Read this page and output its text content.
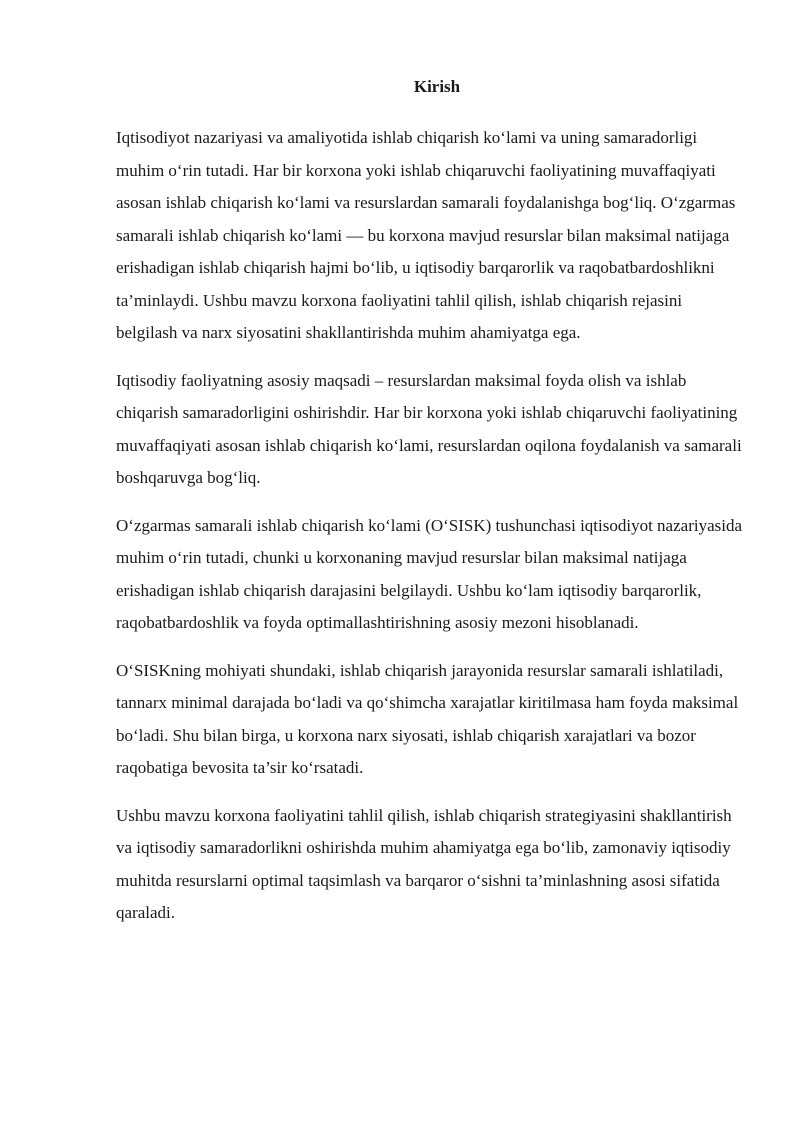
Kirish

Iqtisodiyot nazariyasi va amaliyotida ishlab chiqarish ko‘lami va uning samaradorligi muhim o‘rin tutadi. Har bir korxona yoki ishlab chiqaruvchi faoliyatining muvaffaqiyati asosan ishlab chiqarish ko‘lami va resurslardan samarali foydalanishga bog‘liq. O‘zgarmas samarali ishlab chiqarish ko‘lami — bu korxona mavjud resurslar bilan maksimal natijaga erishadigan ishlab chiqarish hajmi bo‘lib, u iqtisodiy barqarorlik va raqobatbardoshlikni ta’minlaydi. Ushbu mavzu korxona faoliyatini tahlil qilish, ishlab chiqarish rejasini belgilash va narx siyosatini shakllantirishda muhim ahamiyatga ega.

Iqtisodiy faoliyatning asosiy maqsadi – resurslardan maksimal foyda olish va ishlab chiqarish samaradorligini oshirishdir. Har bir korxona yoki ishlab chiqaruvchi faoliyatining muvaffaqiyati asosan ishlab chiqarish ko‘lami, resurslardan oqilona foydalanish va samarali boshqaruvga bog‘liq.

O‘zgarmas samarali ishlab chiqarish ko‘lami (O‘SISK) tushunchasi iqtisodiyot nazariyasida muhim o‘rin tutadi, chunki u korxonaning mavjud resurslar bilan maksimal natijaga erishadigan ishlab chiqarish darajasini belgilaydi. Ushbu ko‘lam iqtisodiy barqarorlik, raqobatbardoshlik va foyda optimallashtirishning asosiy mezoni hisoblanadi.

O‘SISKning mohiyati shundaki, ishlab chiqarish jarayonida resurslar samarali ishlatiladi, tannarx minimal darajada bo‘ladi va qo‘shimcha xarajatlar kiritilmasa ham foyda maksimal bo‘ladi. Shu bilan birga, u korxona narx siyosati, ishlab chiqarish xarajatlari va bozor raqobatiga bevosita ta’sir ko‘rsatadi.

Ushbu mavzu korxona faoliyatini tahlil qilish, ishlab chiqarish strategiyasini shakllantirish va iqtisodiy samaradorlikni oshirishda muhim ahamiyatga ega bo‘lib, zamonaviy iqtisodiy muhitda resurslarni optimal taqsimlash va barqaror o‘sishni ta’minlashning asosi sifatida qaraladi.
